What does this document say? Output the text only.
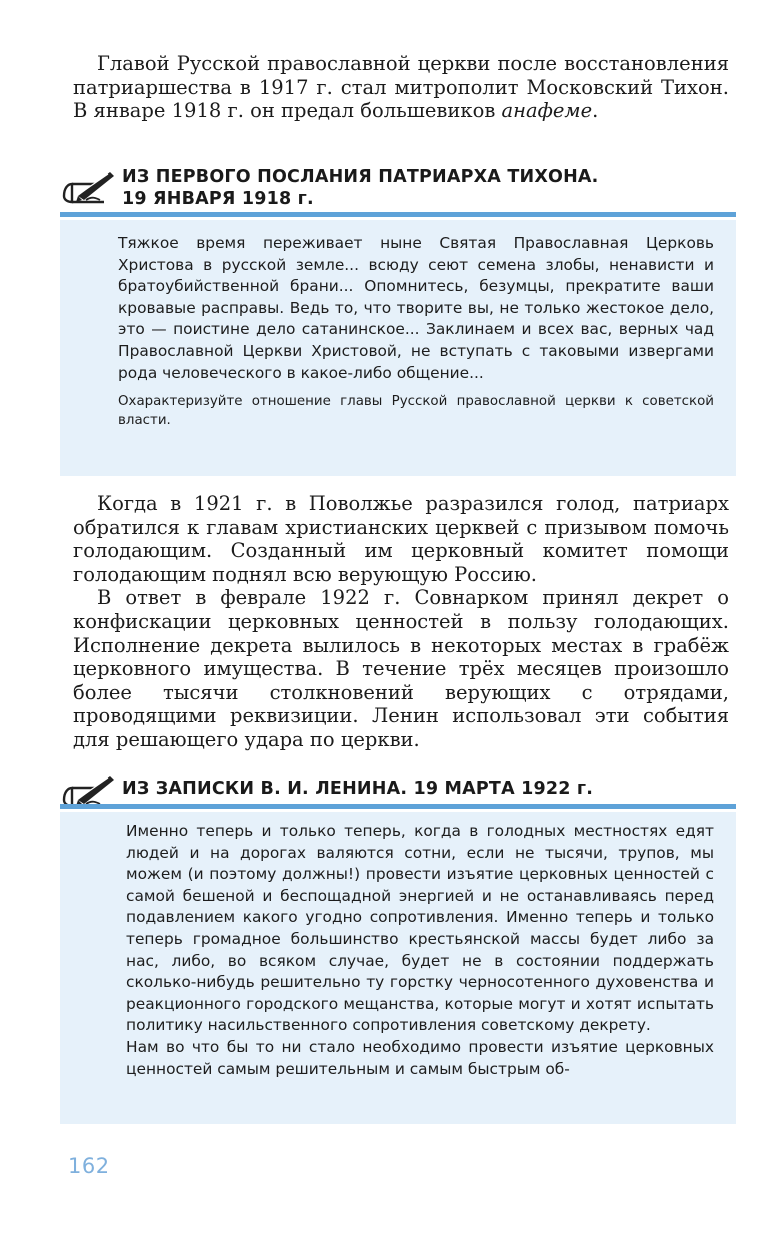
Главой Русской православной церкви после восстановления патриаршества в 1917 г. стал митрополит Московский Тихон. В январе 1918 г. он предал большевиков анафеме.

ИЗ ПЕРВОГО ПОСЛАНИЯ ПАТРИАРХА ТИХОНА.
19 ЯНВАРЯ 1918 г.

Тяжкое время переживает ныне Святая Православная Церковь Христова в русской земле... всюду сеют семена злобы, ненависти и братоубийственной брани... Опомнитесь, безумцы, прекратите ваши кровавые расправы. Ведь то, что творите вы, не только жестокое дело, это — поистине дело сатанинское... Заклинаем и всех вас, верных чад Православной Церкви Христовой, не вступать с таковыми извергами рода человеческого в какое-либо общение...

Охарактеризуйте отношение главы Русской православной церкви к советской власти.

Когда в 1921 г. в Поволжье разразился голод, патриарх обратился к главам христианских церквей с призывом помочь голодающим. Созданный им церковный комитет помощи голодающим поднял всю верующую Россию.

В ответ в феврале 1922 г. Совнарком принял декрет о конфискации церковных ценностей в пользу голодающих. Исполнение декрета вылилось в некоторых местах в грабёж церковного имущества. В течение трёх месяцев произошло более тысячи столкновений верующих с отрядами, проводящими реквизиции. Ленин использовал эти события для решающего удара по церкви.

ИЗ ЗАПИСКИ В. И. ЛЕНИНА. 19 МАРТА 1922 г.

Именно теперь и только теперь, когда в голодных местностях едят людей и на дорогах валяются сотни, если не тысячи, трупов, мы можем (и поэтому должны!) провести изъятие церковных ценностей с самой бешеной и беспощадной энергией и не останавливаясь перед подавлением какого угодно сопротивления. Именно теперь и только теперь громадное большинство крестьянской массы будет либо за нас, либо, во всяком случае, будет не в состоянии поддержать сколько-нибудь решительно ту горстку черносотенного духовенства и реакционного городского мещанства, которые могут и хотят испытать политику насильственного сопротивления советскому декрету.

Нам во что бы то ни стало необходимо провести изъятие церковных ценностей самым решительным и самым быстрым об-

162
